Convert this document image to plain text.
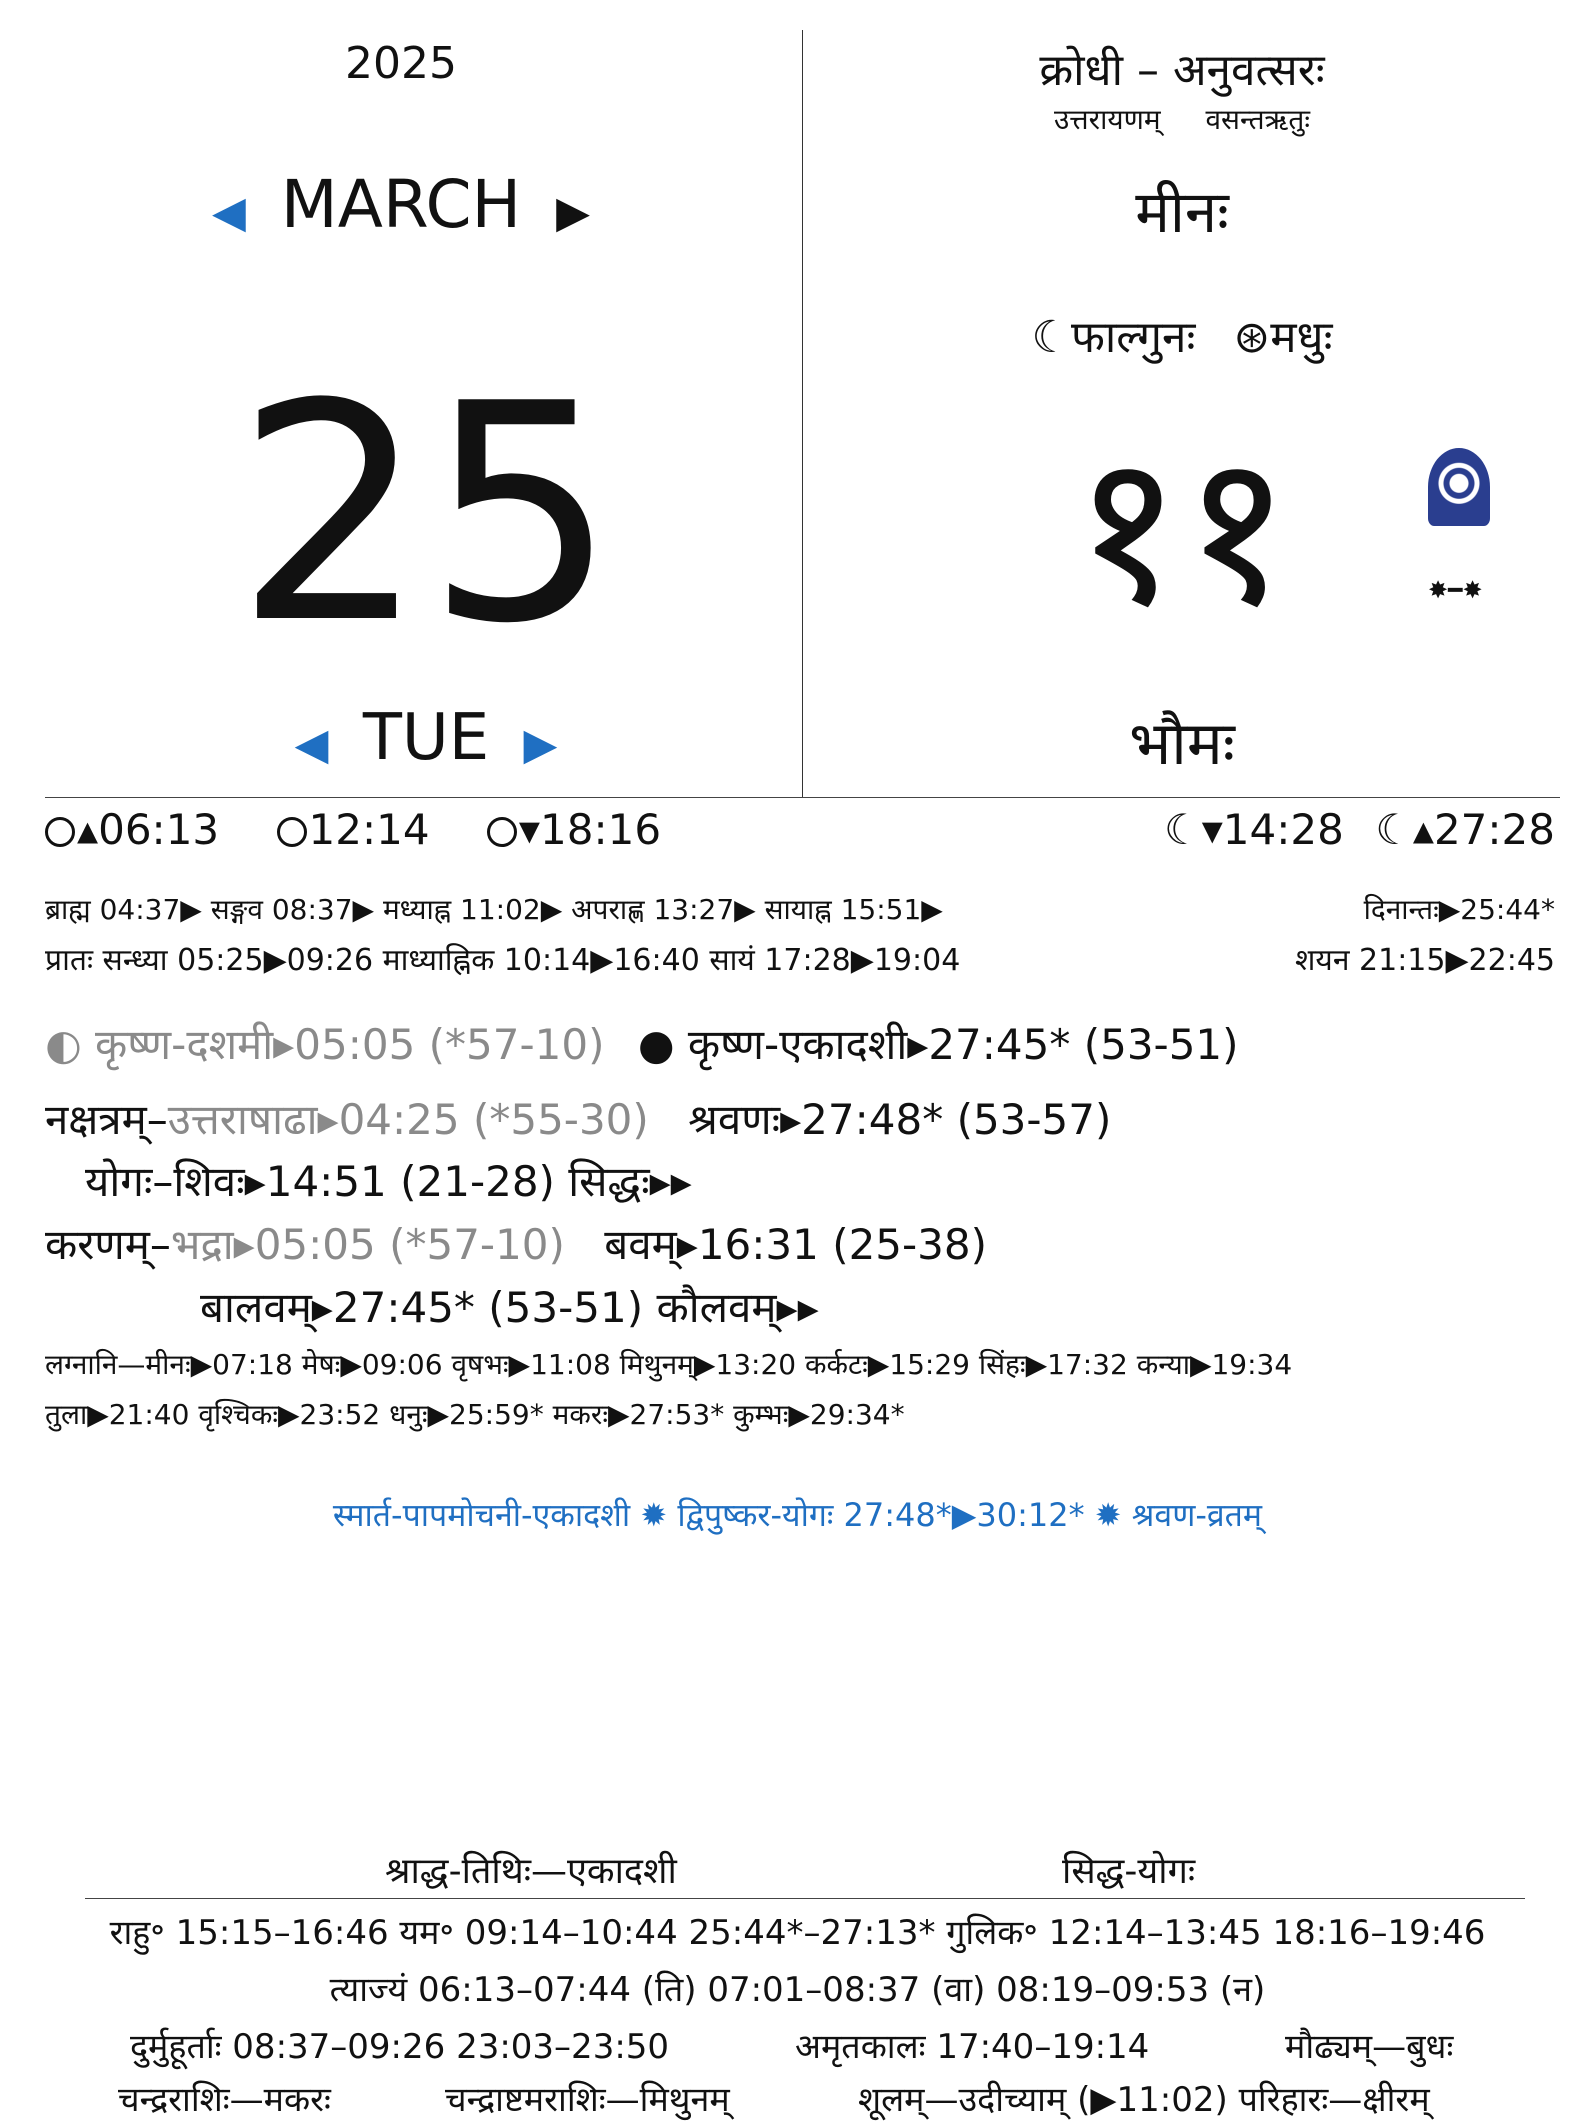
2025
◀ MARCH ▶
25
◀ TUE ▶
क्रोधी – अनुवत्सरः
उत्तरायणम् वसन्तऋतुः
मीनः
☾फाल्गुनः ⊛मधुः
११	✸━✸
भौमः
▴06:13 12:14 ▾18:16	☾▾14:28 ☾▴27:28
ब्राह्म 04:37▶ सङ्गव 08:37▶ मध्याह्न 11:02▶ अपराह्ण 13:27▶ सायाह्न 15:51▶	दिनान्तः▶25:44*
प्रातः सन्ध्या 05:25▶09:26 माध्याह्निक 10:14▶16:40 सायं 17:28▶19:04	शयन 21:15▶22:45
◐ कृष्ण-दशमी▸05:05 (*57-10) ● कृष्ण-एकादशी▸27:45* (53-51)
नक्षत्रम्–उत्तराषाढा▸04:25 (*55-30) श्रवणः▸27:48* (53-57)
योगः–शिवः▸14:51 (21-28) सिद्धः▸▸
करणम्–भद्रा▸05:05 (*57-10) बवम्▸16:31 (25-38)
बालवम्▸27:45* (53-51) कौलवम्▸▸
लग्नानि—मीनः▶07:18 मेषः▶09:06 वृषभः▶11:08 मिथुनम्▶13:20 कर्कटः▶15:29 सिंहः▶17:32 कन्या▶19:34
तुला▶21:40 वृश्चिकः▶23:52 धनुः▶25:59* मकरः▶27:53* कुम्भः▶29:34*
स्मार्त-पापमोचनी-एकादशी ✹ द्विपुष्कर-योगः 27:48*▶30:12* ✹ श्रवण-व्रतम्
श्राद्ध-तिथिः—एकादशी	सिद्ध-योगः
राहु॰ 15:15–16:46 यम॰ 09:14–10:44 25:44*–27:13* गुलिक॰ 12:14–13:45 18:16–19:46
त्याज्यं 06:13–07:44 (ति) 07:01–08:37 (वा) 08:19–09:53 (न)
दुर्मुहूर्ताः 08:37–09:26 23:03–23:50	अमृतकालः 17:40–19:14	मौढ्यम्—बुधः
चन्द्रराशिः—मकरः	चन्द्राष्टमराशिः—मिथुनम्	शूलम्—उदीच्याम् (▶11:02) परिहारः—क्षीरम्
